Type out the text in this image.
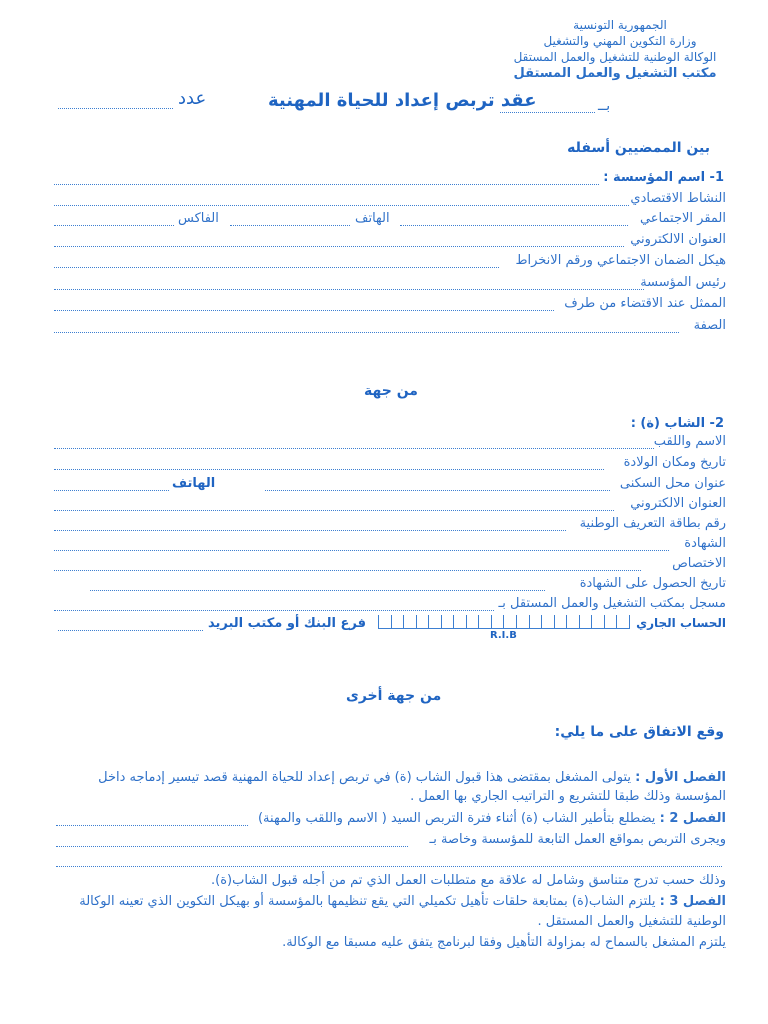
الجمهورية التونسية
وزارة التكوين المهني والتشغيل
الوكالة الوطنية للتشغيل والعمل المستقل
مكتب التشغيل والعمل المستقل
بــ
عقد تربص إعداد للحياة المهنية
عدد
بين الممضيين أسفله
1- اسم المؤسسة :
النشاط الاقتصادي
المقر الاجتماعي
الهاتف
الفاكس
العنوان الالكتروني
هيكل الضمان الاجتماعي ورقم الانخراط
رئيس المؤسسة
الممثل عند الاقتضاء من طرف
الصفة
من جهة
2- الشاب (ة) :
الاسم واللقب
تاريخ ومكان الولادة
عنوان محل السكنى
الهاتف
العنوان الالكتروني
رقم بطاقة التعريف الوطنية
الشهادة
الاختصاص
تاريخ الحصول على الشهادة
مسجل بمكتب التشغيل والعمل المستقل بـ
الحساب الجاري
R.I.B
فرع البنك أو مكتب البريد
من جهة أخرى
وقع الاتفاق على ما يلي:
الفصل الأول : يتولى المشغل بمقتضى هذا قبول الشاب (ة) في تربص إعداد للحياة المهنية قصد تيسير إدماجه داخل
المؤسسة وذلك طبقا للتشريع و التراتيب الجاري بها العمل .
الفصل 2 : يضطلع بتأطير الشاب (ة) أثناء فترة التربص السيد ( الاسم واللقب والمهنة)
ويجرى التربص بمواقع العمل التابعة للمؤسسة وخاصة بـ
وذلك حسب تدرج متناسق وشامل له علاقة مع متطلبات العمل الذي تم من أجله قبول الشاب(ة).
الفصل 3 : يلتزم الشاب(ة) بمتابعة حلقات تأهيل تكميلي التي يقع تنظيمها بالمؤسسة أو بهيكل التكوين الذي تعينه الوكالة
الوطنية للتشغيل والعمل المستقل .
يلتزم المشغل بالسماح له بمزاولة التأهيل وفقا لبرنامج يتفق عليه مسبقا مع الوكالة.
